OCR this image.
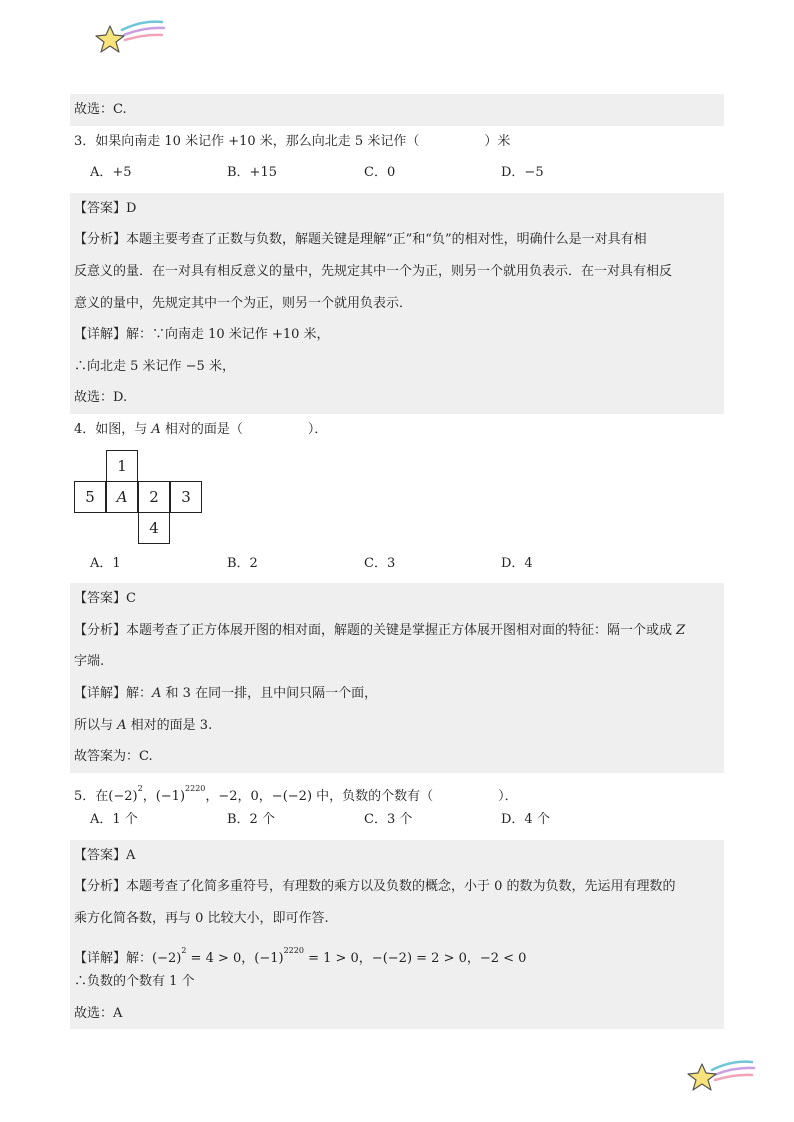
故选：C.
3．如果向南走 10 米记作 +10 米，那么向北走 5 米记作（　　　　　）米
A．+5	B．+15	C．0	D．−5
【答案】D
【分析】本题主要考查了正数与负数，解题关键是理解“正”和“负”的相对性，明确什么是一对具有相
反意义的量．在一对具有相反意义的量中，先规定其中一个为正，则另一个就用负表示．在一对具有相反
意义的量中，先规定其中一个为正，则另一个就用负表示．
【详解】解：∵向南走 10 米记作 +10 米，
∴向北走 5 米记作 −5 米，
故选：D.
4．如图，与 A 相对的面是（　　　　　）．
1
5	A	2	3
4
A．1	B．2	C．3	D．4
【答案】C
【分析】本题考查了正方体展开图的相对面，解题的关键是掌握正方体展开图相对面的特征：隔一个或成 Z
字端.
【详解】解：A 和 3 在同一排，且中间只隔一个面，
所以与 A 相对的面是 3.
故答案为：C.
5．在$(-2)^2$，$(-1)^{2220}$，−2，0，−(−2) 中，负数的个数有（　　　　　）．
A．1 个	B．2 个	C．3 个	D．4 个
【答案】A
【分析】本题考查了化简多重符号，有理数的乘方以及负数的概念，小于 0 的数为负数，先运用有理数的
乘方化简各数，再与 0 比较大小，即可作答.
【详解】解：$(-2)^2 = 4 > 0$，$(-1)^{2220} = 1 > 0$，−(−2) = 2 > 0，−2 < 0
∴负数的个数有 1 个
故选：A
